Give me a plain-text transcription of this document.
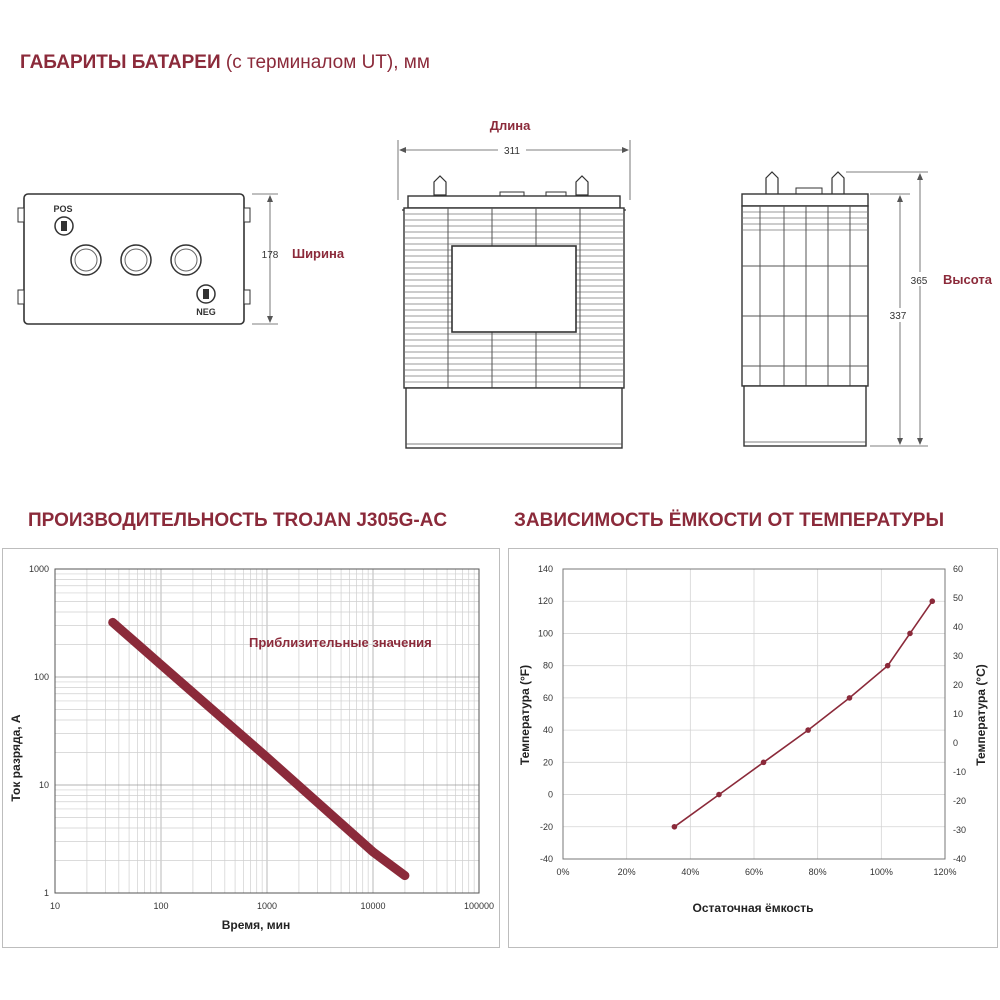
ГАБАРИТЫ БАТАРЕИ (с терминалом UT), мм
POS
NEG
178 Ширина
Длина
311
365
337
Высота
ПРОИЗВОДИТЕЛЬНОСТЬ TROJAN J305G-AC	ЗАВИСИМОСТЬ ЁМКОСТИ ОТ ТЕМПЕРАТУРЫ
10	100	1000	10000	100000
1
10
100
1000
Приблизительные значения
Время, мин
Ток разряда, А
0%	20%	40%	60%	80%	100%	120%
140
120
100
80
60
40
20
0
-20
-40
60
50
40
30
20
10
0
-10
-20
-30
-40
Остаточная ёмкость
Температура (°F)	Температура (°C)
